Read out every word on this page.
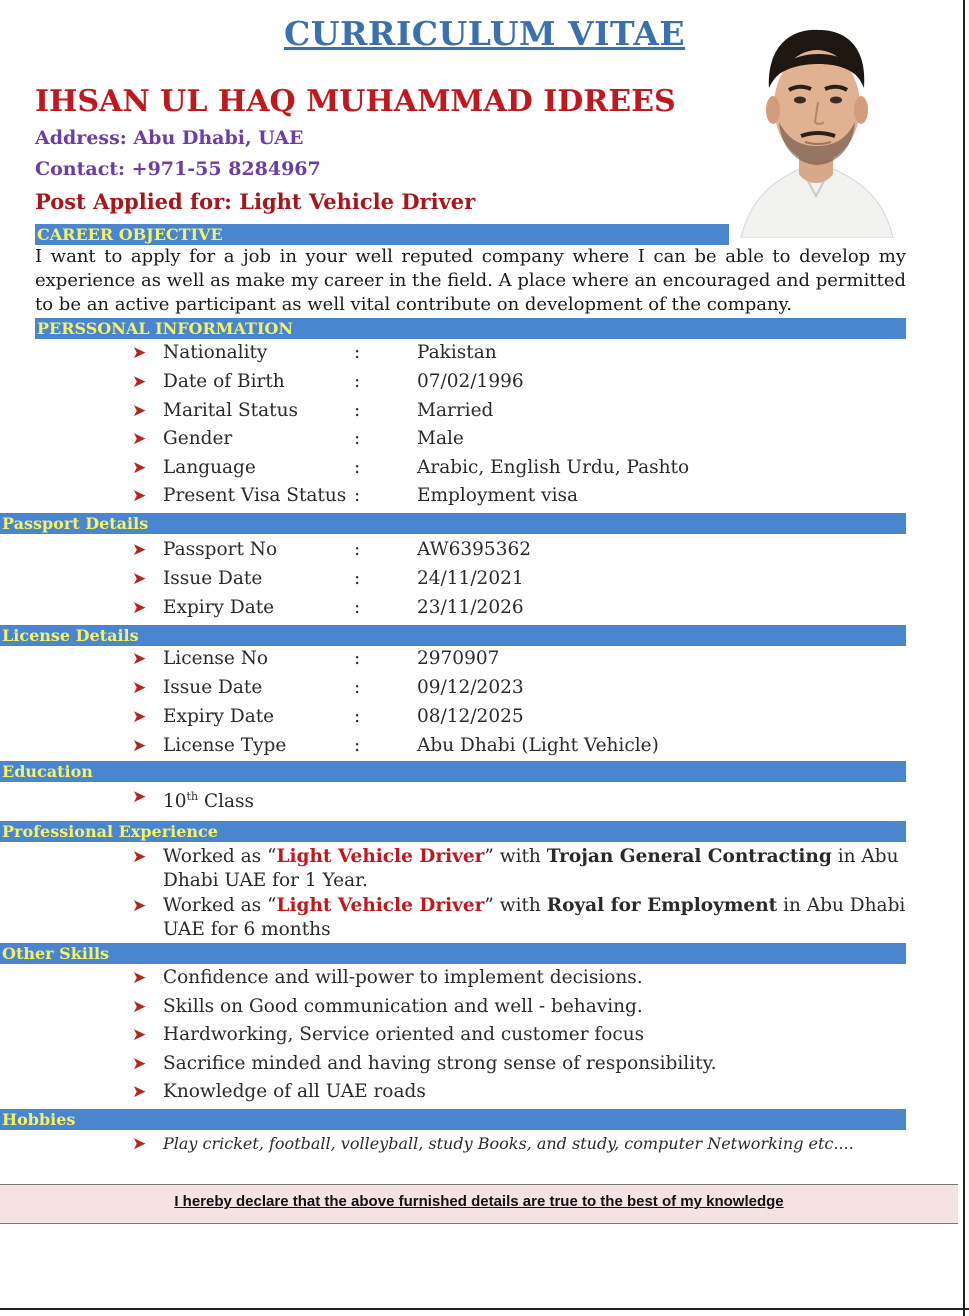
CURRICULUM VITAE
IHSAN UL HAQ MUHAMMAD IDREES
Address: Abu Dhabi, UAE
Contact: +971-55 8284967
Post Applied for: Light Vehicle Driver
CAREER OBJECTIVE
I want to apply for a job in your well reputed company where I can be able to develop my experience as well as make my career in the field. A place where an encouraged and permitted to be an active participant as well vital contribute on development of the company.
PERSSONAL INFORMATION
➤ Nationality	:	Pakistan
➤ Date of Birth	:	07/02/1996
➤ Marital Status	:	Married
➤ Gender	:	Male
➤ Language	:	Arabic, English Urdu, Pashto
➤ Present Visa Status :	Employment visa
Passport Details
➤ Passport No	:	AW6395362
➤ Issue Date	:	24/11/2021
➤ Expiry Date	:	23/11/2026
License Details
➤ License No	:	2970907
➤ Issue Date	:	09/12/2023
➤ Expiry Date	:	08/12/2025
➤ License Type	:	Abu Dhabi (Light Vehicle)
Education
➤ 10th Class
Professional Experience
➤ Worked as “Light Vehicle Driver” with Trojan General Contracting in Abu
Dhabi UAE for 1 Year.
➤ Worked as “Light Vehicle Driver” with Royal for Employment in Abu Dhabi
UAE for 6 months
Other Skills
➤ Confidence and will-power to implement decisions.
➤ Skills on Good communication and well - behaving.
➤ Hardworking, Service oriented and customer focus
➤ Sacrifice minded and having strong sense of responsibility.
➤ Knowledge of all UAE roads
Hobbies
➤ Play cricket, football, volleyball, study Books, and study, computer Networking etc....
I hereby declare that the above furnished details are true to the best of my knowledge
